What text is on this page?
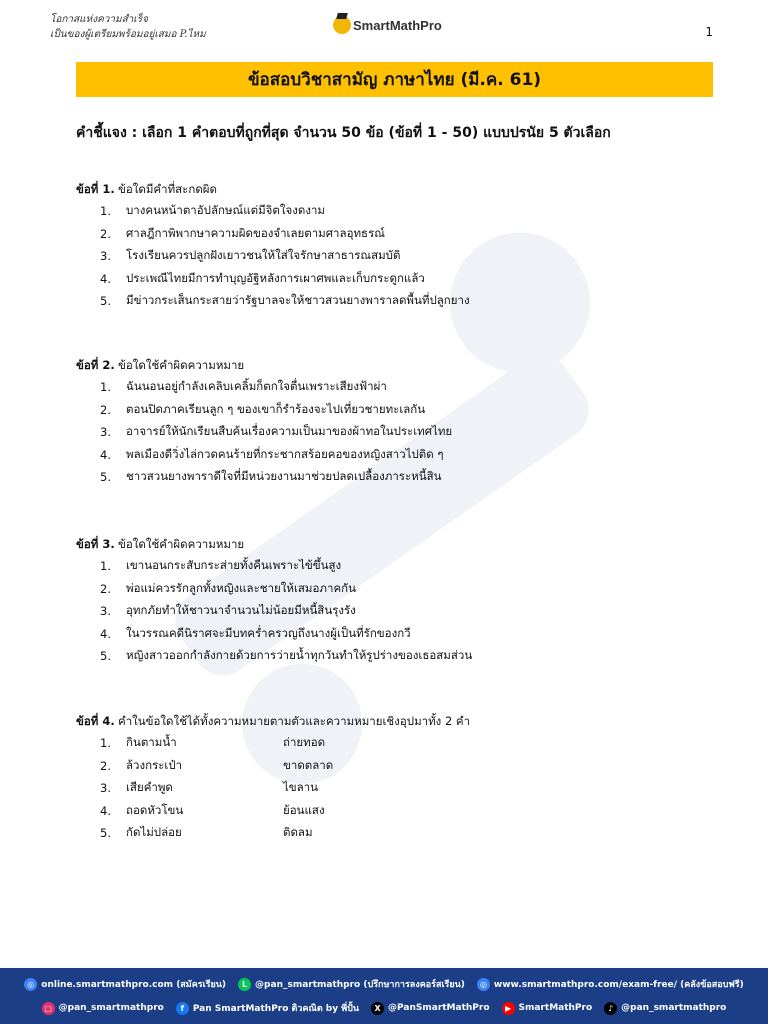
โอกาสแห่งความสำเร็จ
เป็นของผู้เตรียมพร้อมอยู่เสมอ P.ไหม
SmartMathPro	1
ข้อสอบวิชาสามัญ ภาษาไทย (มี.ค. 61)
คำชี้แจง : เลือก 1 คำตอบที่ถูกที่สุด จำนวน 50 ข้อ (ข้อที่ 1 - 50) แบบปรนัย 5 ตัวเลือก
ข้อที่ 1. ข้อใดมีคำที่สะกดผิด
1.	บางคนหน้าตาอัปลักษณ์แต่มีจิตใจงดงาม
2.	ศาลฎีกาพิพากษาความผิดของจำเลยตามศาลอุทธรณ์
3.	โรงเรียนควรปลูกฝังเยาวชนให้ใส่ใจรักษาสาธารณสมบัติ
4.	ประเพณีไทยมีการทำบุญอัฐิหลังการเผาศพและเก็บกระดูกแล้ว
5.	มีข่าวกระเส็นกระสายว่ารัฐบาลจะให้ชาวสวนยางพาราลดพื้นที่ปลูกยาง
ข้อที่ 2. ข้อใดใช้คำผิดความหมาย
1.	ฉันนอนอยู่กำลังเคลิบเคลิ้มก็ตกใจตื่นเพราะเสียงฟ้าผ่า
2.	ตอนปิดภาคเรียนลูก ๆ ของเขาก็รำร้องจะไปเที่ยวชายทะเลกัน
3.	อาจารย์ให้นักเรียนสืบค้นเรื่องความเป็นมาของผ้าทอในประเทศไทย
4.	พลเมืองดีวิ่งไล่กวดคนร้ายที่กระชากสร้อยคอของหญิงสาวไปติด ๆ
5.	ชาวสวนยางพาราดีใจที่มีหน่วยงานมาช่วยปลดเปลื้องภาระหนี้สิน
ข้อที่ 3. ข้อใดใช้คำผิดความหมาย
1.	เขานอนกระสับกระส่ายทั้งคืนเพราะไข้ขึ้นสูง
2.	พ่อแม่ควรรักลูกทั้งหญิงและชายให้เสมอภาคกัน
3.	อุทกภัยทำให้ชาวนาจำนวนไม่น้อยมีหนี้สินรุงรัง
4.	ในวรรณคดีนิราศจะมีบทคร่ำครวญถึงนางผู้เป็นที่รักของกวี
5.	หญิงสาวออกกำลังกายด้วยการว่ายน้ำทุกวันทำให้รูปร่างของเธอสมส่วน
ข้อที่ 4. คำในข้อใดใช้ได้ทั้งความหมายตามตัวและความหมายเชิงอุปมาทั้ง 2 คำ
1.	กินตามน้ำ	ถ่ายทอด
2.	ล้วงกระเป๋า	ขาดตลาด
3.	เสียคำพูด	ไขลาน
4.	ถอดหัวโขน	ย้อนแสง
5.	กัดไม่ปล่อย	ติดลม
◎ online.smartmathpro.com (สมัครเรียน)	L @pan_smartmathpro (ปรึกษาการลงคอร์สเรียน)	◎ www.smartmathpro.com/exam-free/ (คลังข้อสอบฟรี)
▢ @pan_smartmathpro	f Pan SmartMathPro ติวคณิต by พี่ปั้น	X @PanSmartMathPro	▶ SmartMathPro	♪ @pan_smartmathpro
